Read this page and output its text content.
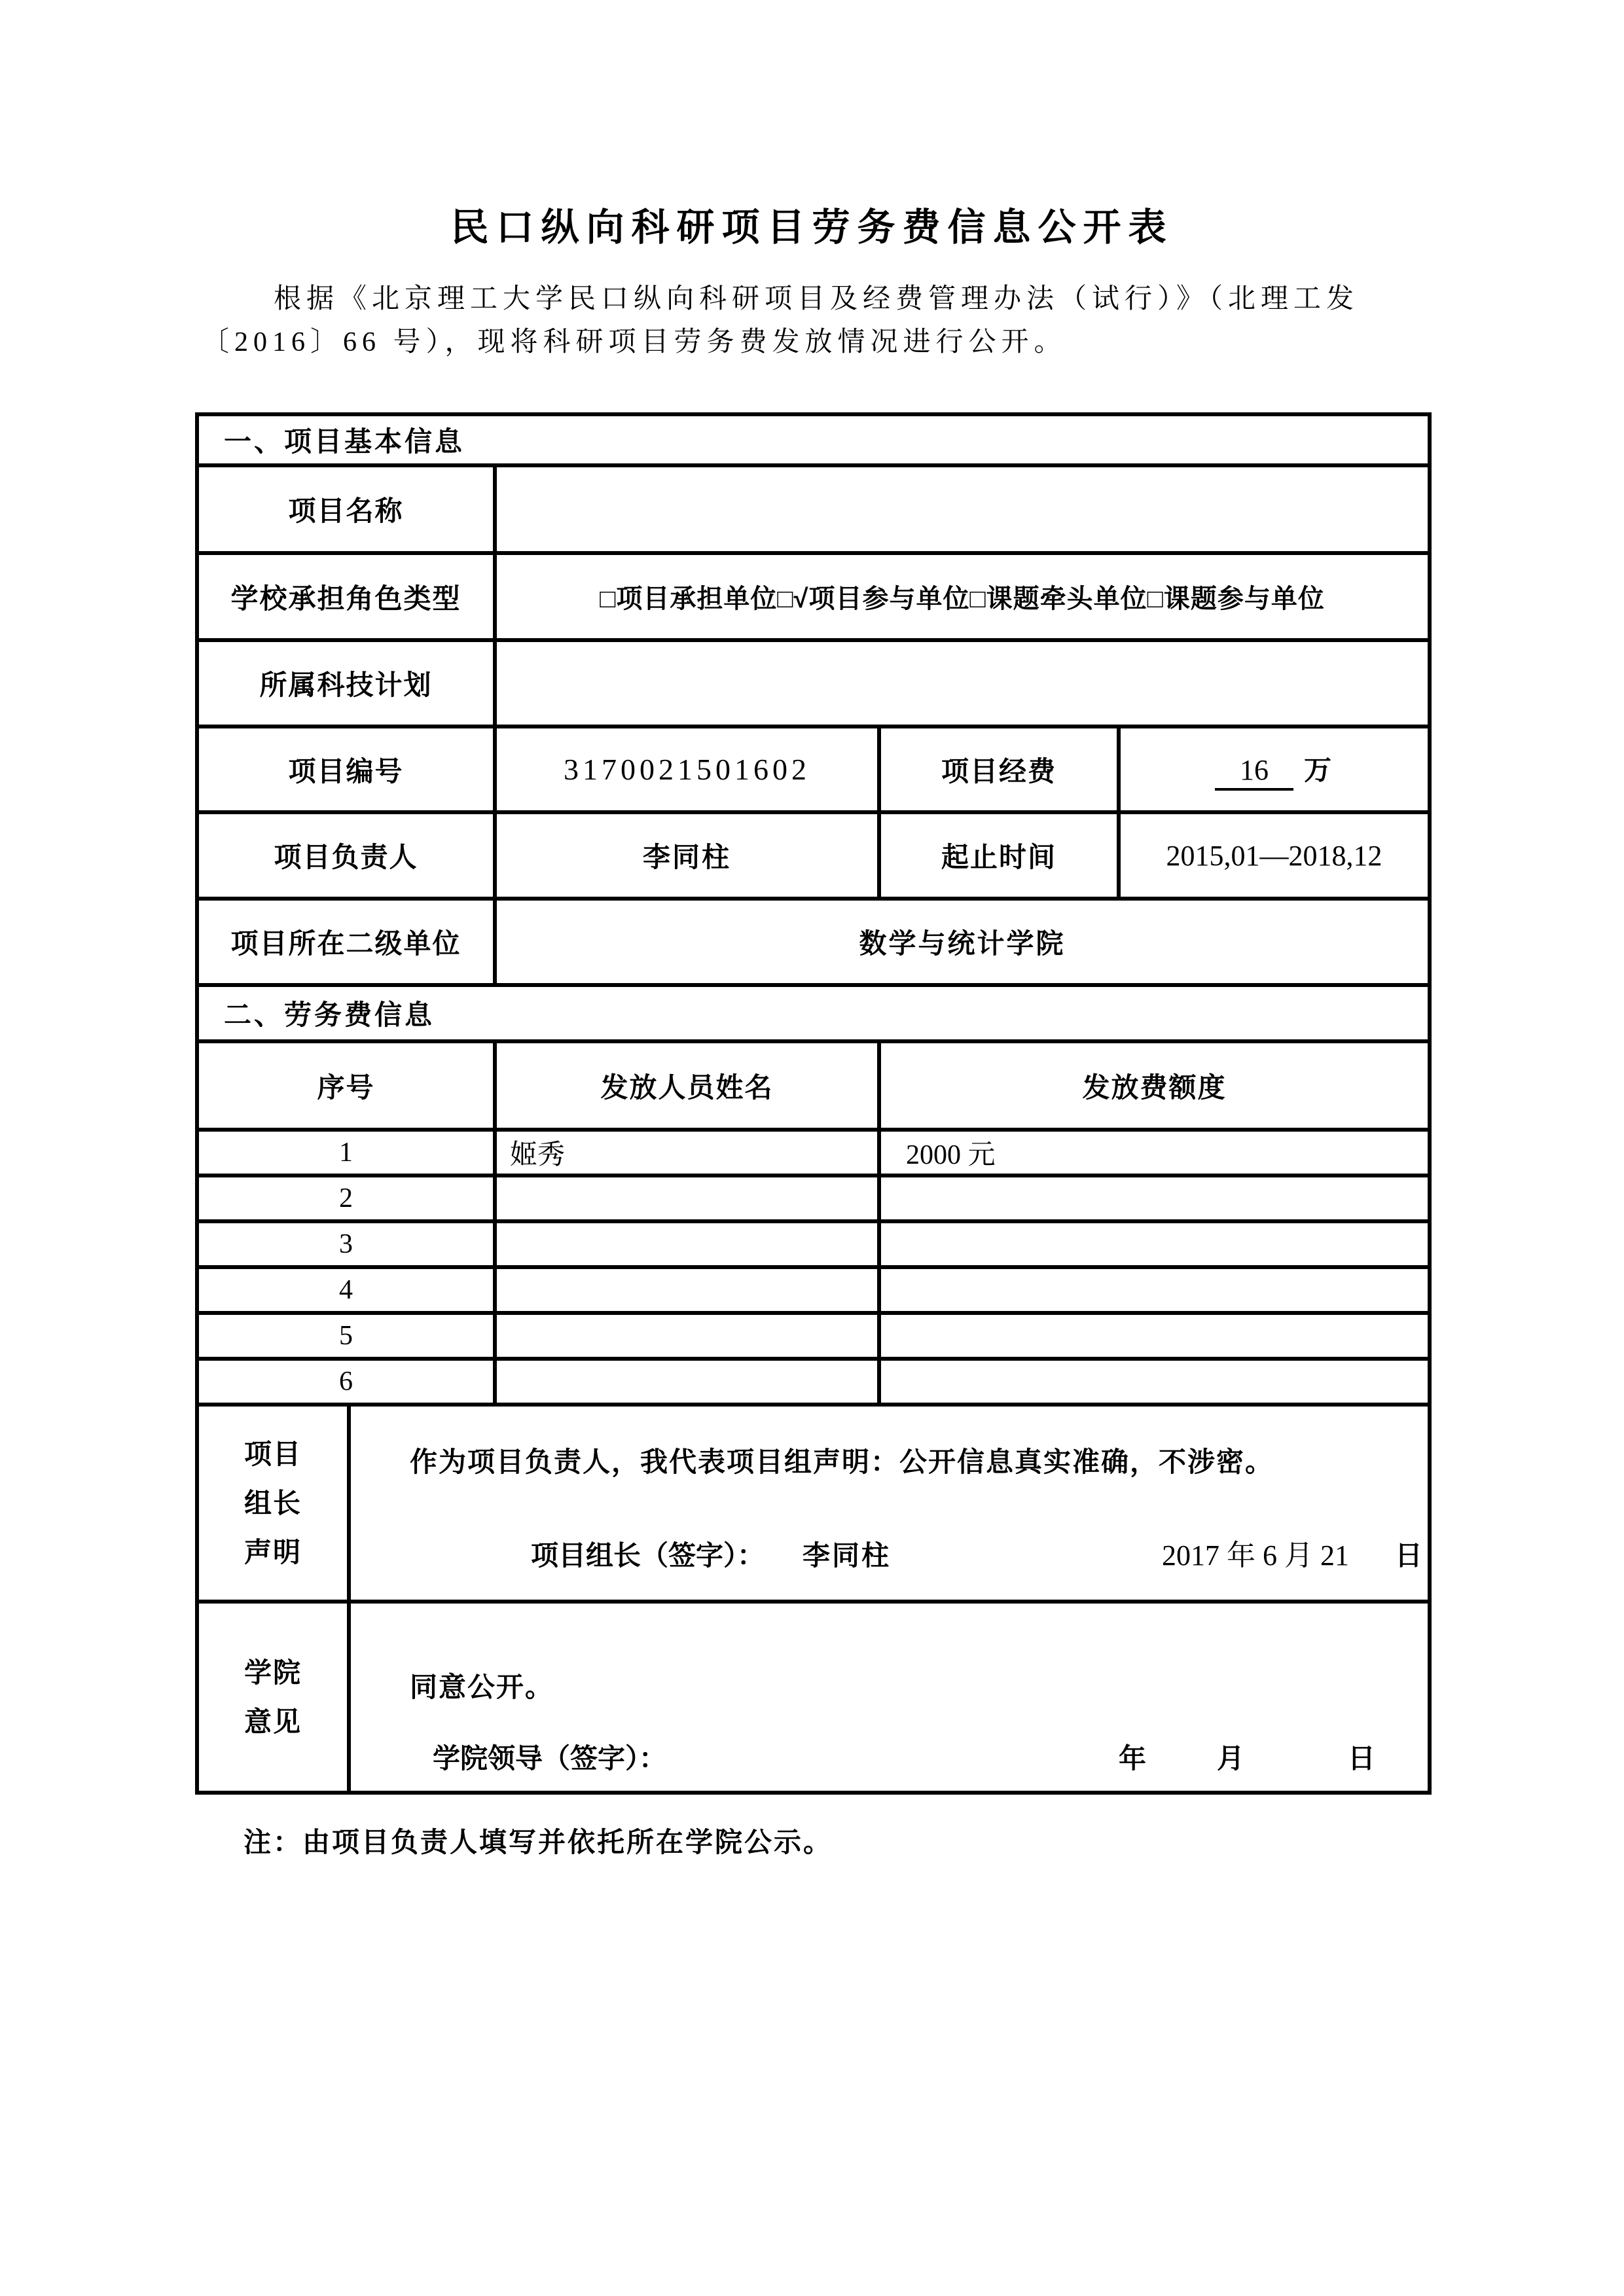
民口纵向科研项目劳务费信息公开表
根据《北京理工大学民口纵向科研项目及经费管理办法（试行）》（北理工发
〔2016〕66 号），现将科研项目劳务费发放情况进行公开。
一、项目基本信息				
项目名称				
学校承担角色类型		□项目承担单位□√项目参与单位□课题牵头单位□课题参与单位		
所属科技计划				
项目编号		3170021501602	项目经费	16 万
项目负责人		李同柱	起止时间	2015,01—2018,12
项目所在二级单位		数学与统计学院		
二、劳务费信息				
序号		发放人员姓名	发放费额度	
1		姬秀	2000 元	
2				
3				
4				
5				
6				

项目
组长
声明

作为项目负责人，我代表项目组声明：公开信息真实准确，不涉密。
项目组长（签字）： 李同柱	2017 年 6 月 21 日

学院
意见

同意公开。
学院领导（签字）：	年	月	日
注：由项目负责人填写并依托所在学院公示。
